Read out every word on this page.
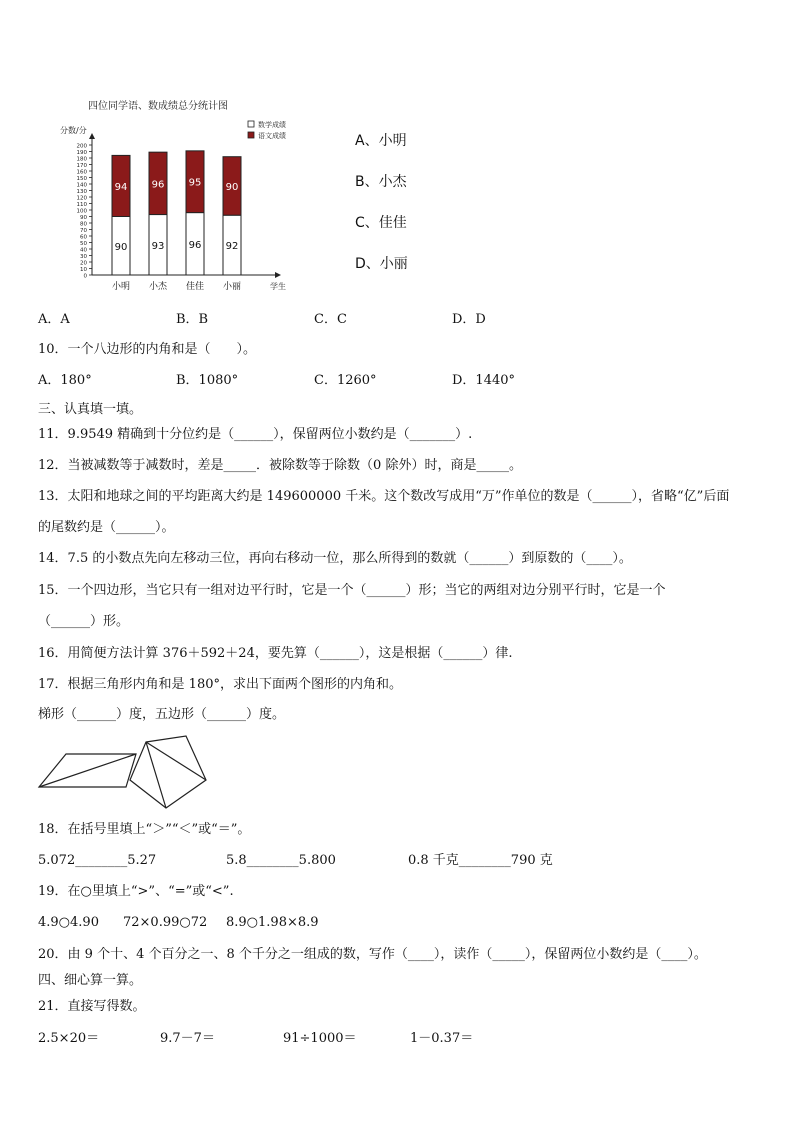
四位同学语、数成绩总分统计图
分数/分
0
10
20
30
40
50
60
70
80
90
100
110
120
130
140
150
160
170
180
190
200
90
94
小明
93
96
小杰
96
95
佳佳
92
90
小丽	学生
数学成绩
语文成绩	A、小明
B、小杰
C、佳佳
D、小丽
A．A	B．B	C．C	D．D
10．一个八边形的内角和是（　　）。
A．180°	B．1080°	C．1260°	D．1440°
三、认真填一填。
11．9.9549 精确到十分位约是（______），保留两位小数约是（_______）.
12．当被减数等于减数时，差是_____．被除数等于除数（0 除外）时，商是_____。
13．太阳和地球之间的平均距离大约是 149600000 千米。这个数改写成用“万”作单位的数是（______），省略“亿”后面
的尾数约是（______）。
14．7.5 的小数点先向左移动三位，再向右移动一位，那么所得到的数就（______）到原数的（____）。
15．一个四边形，当它只有一组对边平行时，它是一个（______）形；当它的两组对边分别平行时，它是一个
（______）形。
16．用简便方法计算 376＋592＋24，要先算（______），这是根据（______）律.
17．根据三角形内角和是 180°，求出下面两个图形的内角和。
梯形（______）度，五边形（______）度。
18．在括号里填上“＞”“＜”或“＝”。
5.072________5.27	5.8________5.800	0.8 千克________790 克
19．在○里填上“>”、“=”或“<”.
4.9○4.90 72×0.99○72 8.9○1.98×8.9
20．由 9 个十、4 个百分之一、8 个千分之一组成的数，写作（____），读作（_____），保留两位小数约是（____）。
四、细心算一算。
21．直接写得数。
2.5×20＝	9.7－7＝	91÷1000＝	1－0.37＝
